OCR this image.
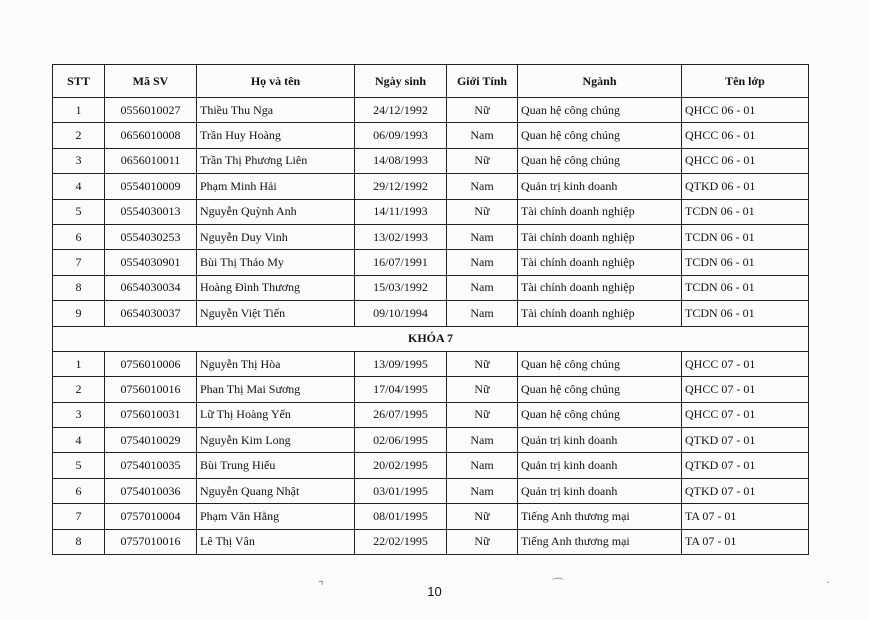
STT	Mã SV	Họ và tên	Ngày sinh	Giới Tính	Ngành	Tên lớp
1	0556010027	Thiều Thu Nga	24/12/1992	Nữ	Quan hệ công chúng	QHCC 06 - 01
2	0656010008	Trần Huy Hoàng	06/09/1993	Nam	Quan hệ công chúng	QHCC 06 - 01
3	0656010011	Trần Thị Phương Liên	14/08/1993	Nữ	Quan hệ công chúng	QHCC 06 - 01
4	0554010009	Phạm Minh Hải	29/12/1992	Nam	Quản trị kinh doanh	QTKD 06 - 01
5	0554030013	Nguyễn Quỳnh Anh	14/11/1993	Nữ	Tài chính doanh nghiệp	TCDN 06 - 01
6	0554030253	Nguyễn Duy Vinh	13/02/1993	Nam	Tài chính doanh nghiệp	TCDN 06 - 01
7	0554030901	Bùi Thị Thảo My	16/07/1991	Nam	Tài chính doanh nghiệp	TCDN 06 - 01
8	0654030034	Hoàng Đình Thương	15/03/1992	Nam	Tài chính doanh nghiệp	TCDN 06 - 01
9	0654030037	Nguyễn Việt Tiến	09/10/1994	Nam	Tài chính doanh nghiệp	TCDN 06 - 01
KHÓA 7						
1	0756010006	Nguyễn Thị Hòa	13/09/1995	Nữ	Quan hệ công chúng	QHCC 07 - 01
2	0756010016	Phan Thị Mai Sương	17/04/1995	Nữ	Quan hệ công chúng	QHCC 07 - 01
3	0756010031	Lữ Thị Hoàng Yến	26/07/1995	Nữ	Quan hệ công chúng	QHCC 07 - 01
4	0754010029	Nguyễn Kim Long	02/06/1995	Nam	Quản trị kinh doanh	QTKD 07 - 01
5	0754010035	Bùi Trung Hiếu	20/02/1995	Nam	Quản trị kinh doanh	QTKD 07 - 01
6	0754010036	Nguyễn Quang Nhật	03/01/1995	Nam	Quản trị kinh doanh	QTKD 07 - 01
7	0757010004	Phạm Văn Hằng	08/01/1995	Nữ	Tiếng Anh thương mại	TA 07 - 01
8	0757010016	Lê Thị Vân	22/02/1995	Nữ	Tiếng Anh thương mại	TA 07 - 01
10
⌝	⌒	·
